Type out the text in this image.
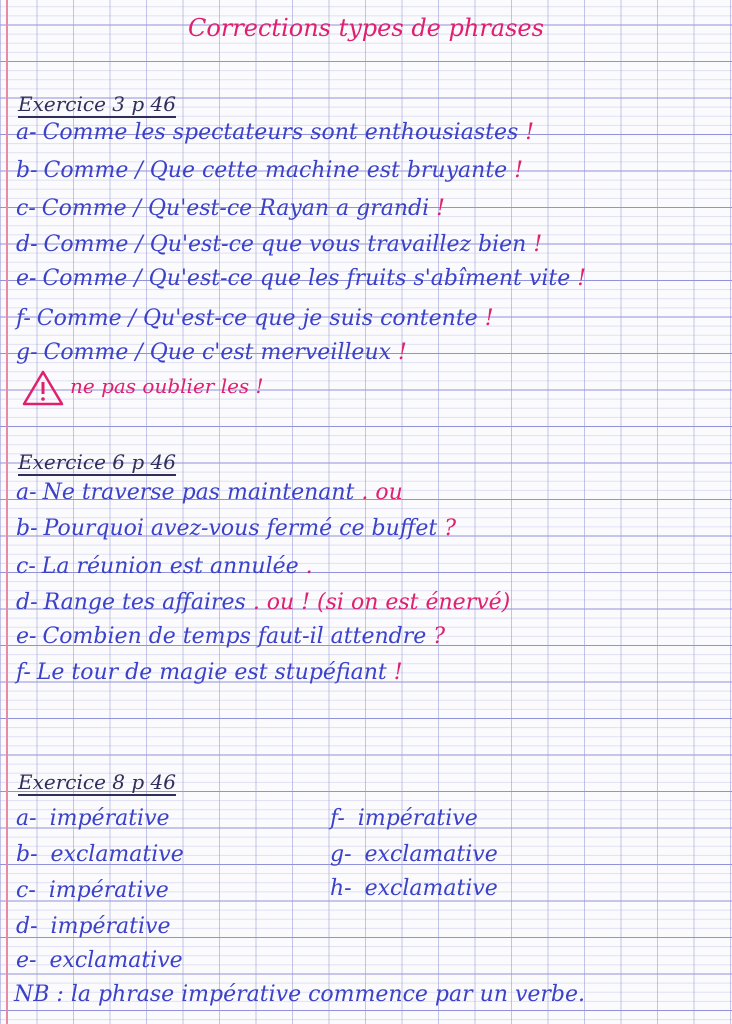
Corrections types de phrases
Exercice 3 p 46
a- Comme les spectateurs sont enthousiastes !
b- Comme / Que cette machine est bruyante !
c- Comme / Qu'est-ce Rayan a grandi !
d- Comme / Qu'est-ce que vous travaillez bien !
e- Comme / Qu'est-ce que les fruits s'abîment vite !
f- Comme / Qu'est-ce que je suis contente !
g- Comme / Que c'est merveilleux !
ne pas oublier les !
Exercice 6 p 46
a- Ne traverse pas maintenant . ou
b- Pourquoi avez-vous fermé ce buffet ?
c- La réunion est annulée .
d- Range tes affaires . ou ! (si on est énervé)
e- Combien de temps faut-il attendre ?
f- Le tour de magie est stupéfiant !
Exercice 8 p 46
a- impérative
b- exclamative
c- impérative
d- impérative
e- exclamative
f- impérative
g- exclamative
h- exclamative
NB : la phrase impérative commence par un verbe.
